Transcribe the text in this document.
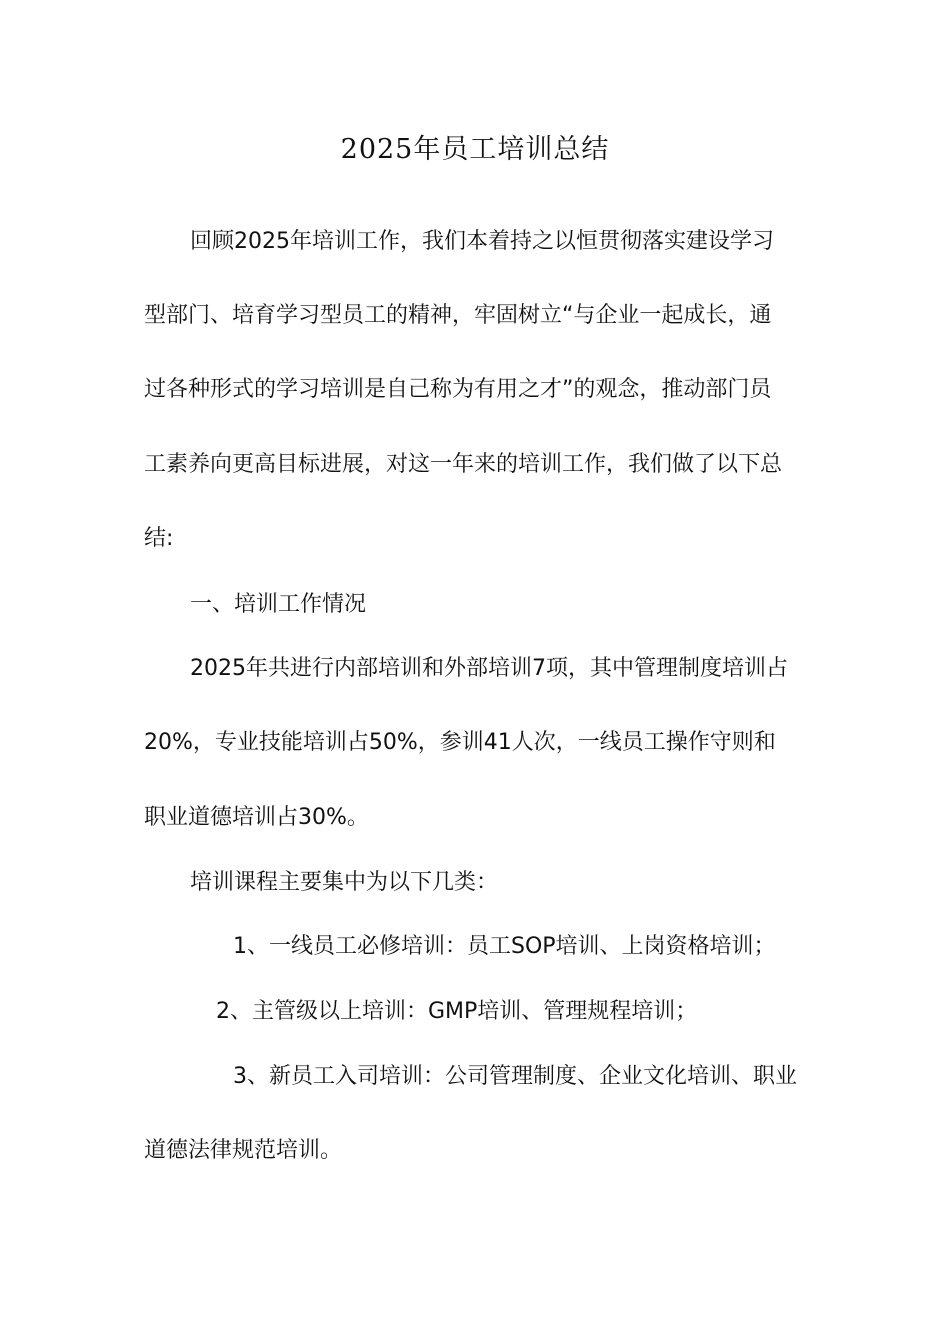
2025年员工培训总结
回顾2025年培训工作，我们本着持之以恒贯彻落实建设学习
型部门、培育学习型员工的精神，牢固树立“与企业一起成长，通
过各种形式的学习培训是自己称为有用之才”的观念，推动部门员
工素养向更高目标进展，对这一年来的培训工作，我们做了以下总
结:
一、培训工作情况
2025年共进行内部培训和外部培训7项，其中管理制度培训占
20%，专业技能培训占50%，参训41人次，一线员工操作守则和
职业道德培训占30%。
培训课程主要集中为以下几类：
1、一线员工必修培训：员工SOP培训、上岗资格培训；
2、主管级以上培训：GMP培训、管理规程培训；
3、新员工入司培训：公司管理制度、企业文化培训、职业
道德法律规范培训。
